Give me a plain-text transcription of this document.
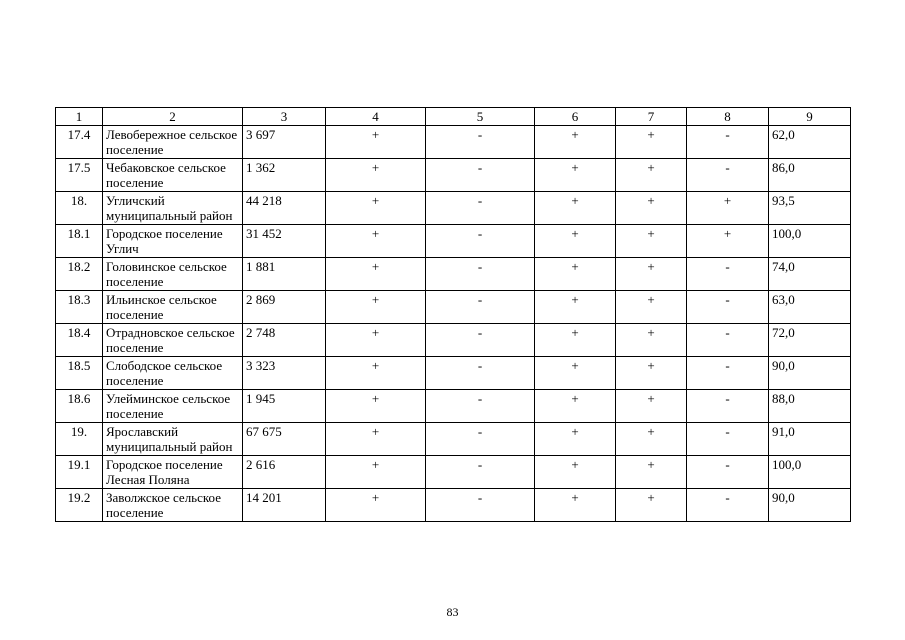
1	2	3	4	5	6	7	8	9
17.4	Левобережное сельское поселение	3 697	+	-	+	+	-	62,0
17.5	Чебаковское сельское поселение	1 362	+	-	+	+	-	86,0
18.	Угличский муниципальный район	44 218	+	-	+	+	+	93,5
18.1	Городское поселение Углич	31 452	+	-	+	+	+	100,0
18.2	Головинское сельское поселение	1 881	+	-	+	+	-	74,0
18.3	Ильинское сельское поселение	2 869	+	-	+	+	-	63,0
18.4	Отрадновское сельское поселение	2 748	+	-	+	+	-	72,0
18.5	Слободское сельское поселение	3 323	+	-	+	+	-	90,0
18.6	Улейминское сельское поселение	1 945	+	-	+	+	-	88,0
19.	Ярославский муниципальный район	67 675	+	-	+	+	-	91,0
19.1	Городское поселение Лесная Поляна	2 616	+	-	+	+	-	100,0
19.2	Заволжское сельское поселение	14 201	+	-	+	+	-	90,0
83
